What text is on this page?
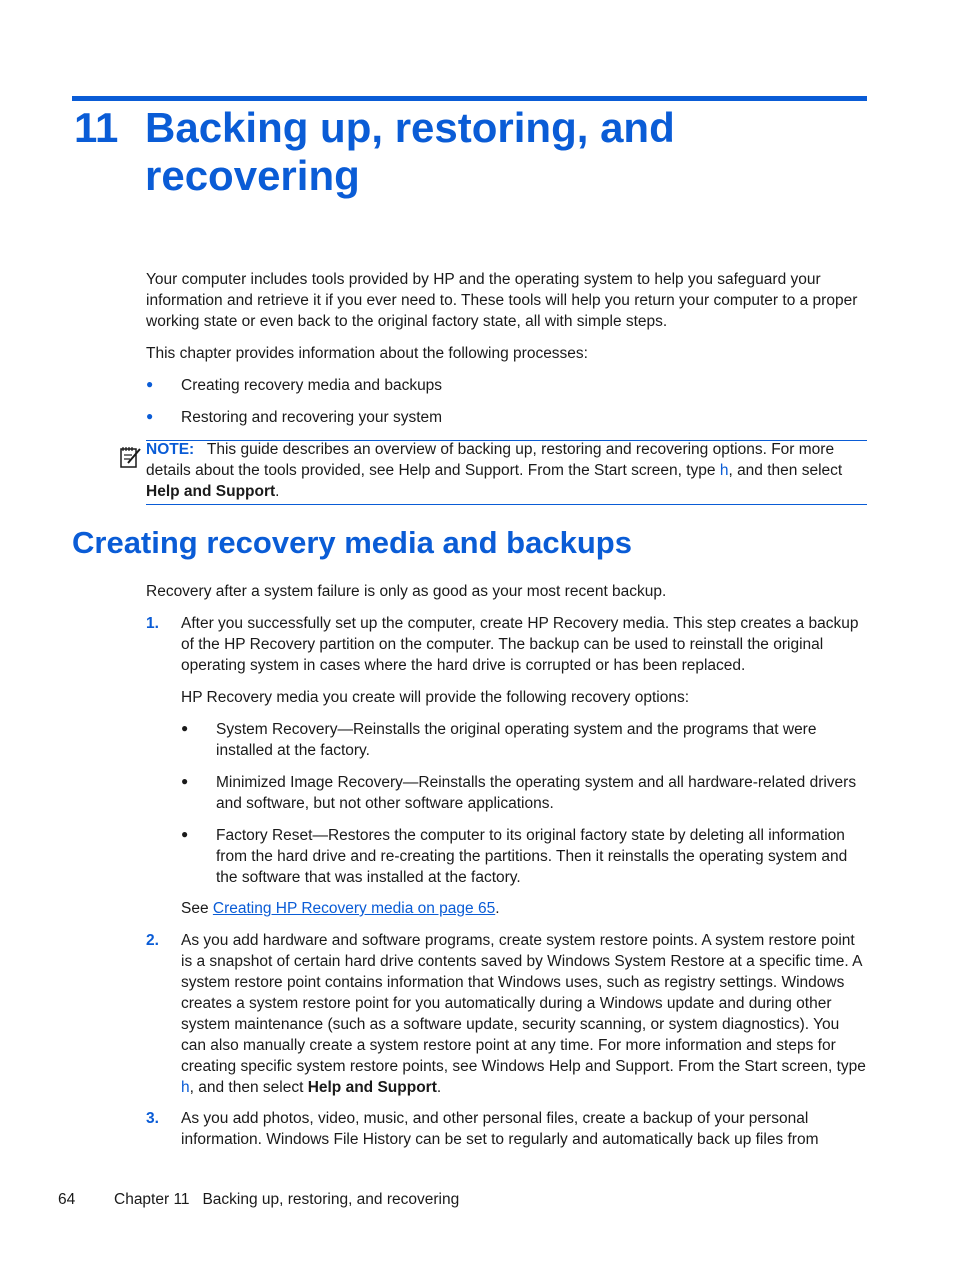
11 Backing up, restoring, and recovering

Your computer includes tools provided by HP and the operating system to help you safeguard your information and retrieve it if you ever need to. These tools will help you return your computer to a proper working state or even back to the original factory state, all with simple steps.

This chapter provides information about the following processes:

● Creating recovery media and backups

● Restoring and recovering your system

NOTE: This guide describes an overview of backing up, restoring and recovering options. For more details about the tools provided, see Help and Support. From the Start screen, type h, and then select Help and Support.

Creating recovery media and backups

Recovery after a system failure is only as good as your most recent backup.

1. After you successfully set up the computer, create HP Recovery media. This step creates a backup of the HP Recovery partition on the computer. The backup can be used to reinstall the original operating system in cases where the hard drive is corrupted or has been replaced.

HP Recovery media you create will provide the following recovery options:

● System Recovery—Reinstalls the original operating system and the programs that were installed at the factory.

● Minimized Image Recovery—Reinstalls the operating system and all hardware-related drivers and software, but not other software applications.

● Factory Reset—Restores the computer to its original factory state by deleting all information from the hard drive and re-creating the partitions. Then it reinstalls the operating system and the software that was installed at the factory.

See Creating HP Recovery media on page 65.

2. As you add hardware and software programs, create system restore points. A system restore point is a snapshot of certain hard drive contents saved by Windows System Restore at a specific time. A system restore point contains information that Windows uses, such as registry settings. Windows creates a system restore point for you automatically during a Windows update and during other system maintenance (such as a software update, security scanning, or system diagnostics). You can also manually create a system restore point at any time. For more information and steps for creating specific system restore points, see Windows Help and Support. From the Start screen, type h, and then select Help and Support.

3. As you add photos, video, music, and other personal files, create a backup of your personal information. Windows File History can be set to regularly and automatically back up files from

64	Chapter 11   Backing up, restoring, and recovering
